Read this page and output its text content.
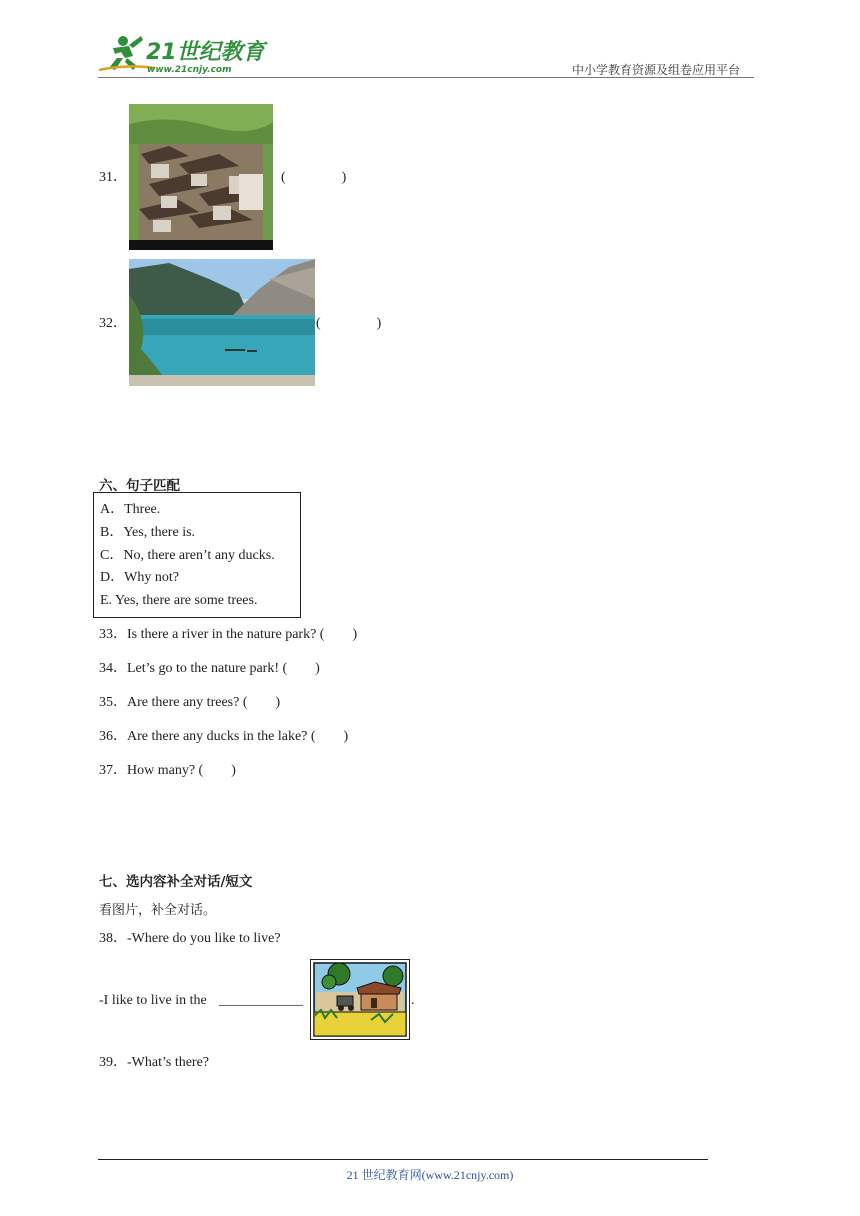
21世纪教育
www.21cnjy.com	中小学教育资源及组卷应用平台
31．	(　　　　)
32．	(　　　　)
六、句子匹配
A．Three.
B．Yes, there is.
C．No, there aren’t any ducks.
D．Why not?
E. Yes, there are some trees.
33．Is there a river in the nature park? (　　)
34．Let’s go to the nature park! (　　)
35．Are there any trees? (　　)
36．Are there any ducks in the lake? (　　)
37．How many? (　　)
七、选内容补全对话/短文
看图片，补全对话。
38．-Where do you like to live?
-I like to live in the ____________	.
39．-What’s there?
21 世纪教育网(www.21cnjy.com)
